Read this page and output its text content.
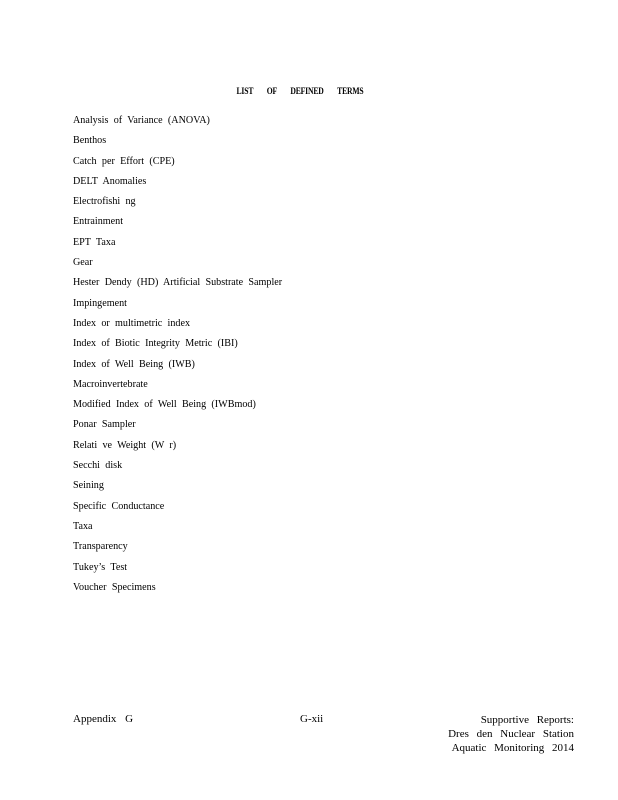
LIST OF DEFINED TERMS
Analysis of Variance (ANOVA)
Benthos
Catch per Effort (CPE)
DELT Anomalies
Electrofishi ng
Entrainment
EPT Taxa
Gear
Hester Dendy (HD) Artificial Substrate Sampler
Impingement
Index or multimetric index
Index of Biotic Integrity Metric (IBI)
Index of Well Being (IWB)
Macroinvertebrate
Modified Index of Well Being (IWBmod)
Ponar Sampler
Relati ve Weight (W r)
Secchi disk
Seining
Specific Conductance
Taxa
Transparency
Tukey’s Test
Voucher Specimens
Appendix G	G-xii	Supportive Reports:
Dres den Nuclear Station
Aquatic Monitoring 2014
